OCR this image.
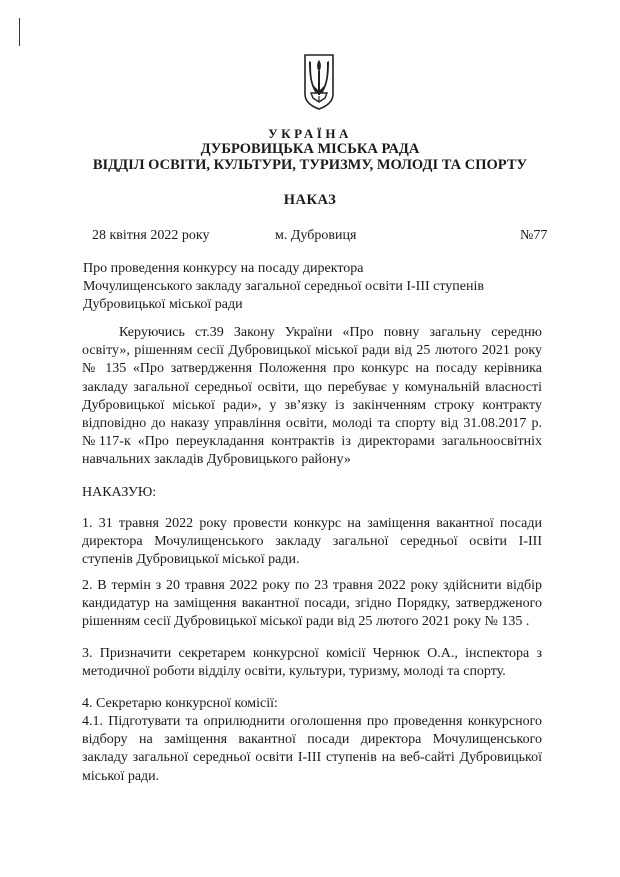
УКРАЇНА
ДУБРОВИЦЬКА МІСЬКА РАДА
ВІДДІЛ ОСВІТИ, КУЛЬТУРИ, ТУРИЗМУ, МОЛОДІ ТА СПОРТУ
НАКАЗ
28 квітня 2022 року	м. Дубровиця	№77
Про проведення конкурсу на посаду директора
Мочулищенського закладу загальної середньої освіти І-ІІІ ступенів
Дубровицької міської ради
Керуючись ст.39 Закону України «Про повну загальну середню освіту», рішенням сесії Дубровицької міської ради від 25 лютого 2021 року № 135 «Про затвердження Положення про конкурс на посаду керівника закладу загальної середньої освіти, що перебуває у комунальній власності Дубровицької міської ради», у зв’язку із закінченням строку контракту відповідно до наказу управління освіти, молоді та спорту від 31.08.2017 р. №117-к «Про переукладання контрактів із директорами загальноосвітніх навчальних закладів Дубровицького району»
НАКАЗУЮ:
1. 31 травня 2022 року провести конкурс на заміщення вакантної посади директора Мочулищенського закладу загальної середньої освіти І-ІІІ ступенів Дубровицької міської ради.
2. В термін з 20 травня 2022 року по 23 травня 2022 року здійснити відбір кандидатур на заміщення вакантної посади, згідно Порядку, затвердженого рішенням сесії Дубровицької міської ради від 25 лютого 2021 року № 135 .
3. Призначити секретарем конкурсної комісії Чернюк О.А., інспектора з методичної роботи відділу освіти, культури, туризму, молоді та спорту.
4. Секретарю конкурсної комісії:
4.1. Підготувати та оприлюднити оголошення про проведення конкурсного відбору на заміщення вакантної посади директора Мочулищенського закладу загальної середньої освіти І-ІІІ ступенів на веб-сайті Дубровицької міської ради.
